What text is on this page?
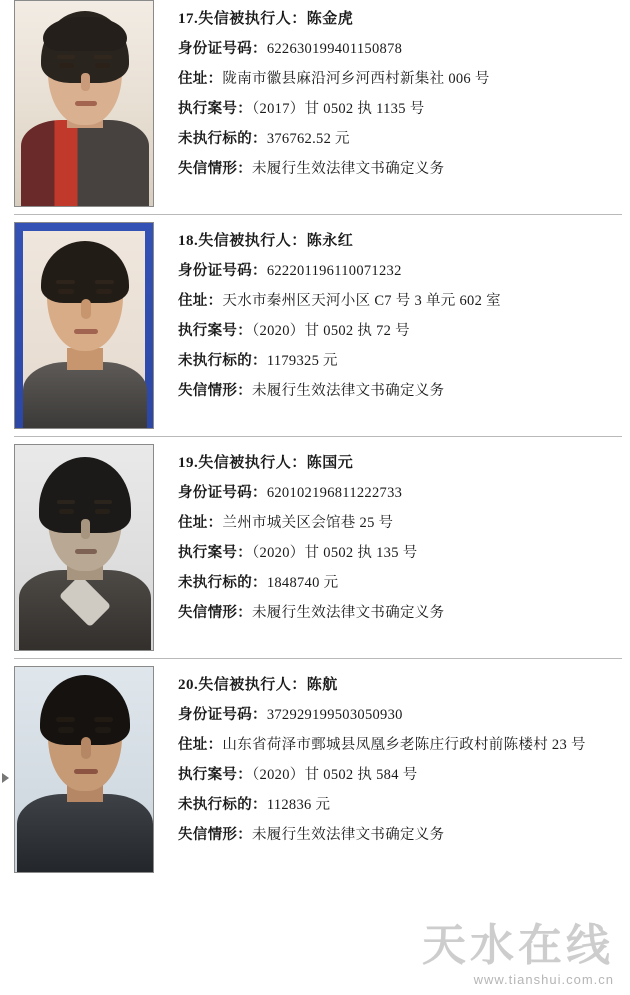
17.失信被执行人：陈金虎
身份证号码：622630199401150878
住址：陇南市徽县麻沿河乡河西村新集社 006 号
执行案号：（2017）甘 0502 执 1135 号
未执行标的：376762.52 元
失信情形：未履行生效法律文书确定义务
18.失信被执行人：陈永红
身份证号码：622201196110071232
住址：天水市秦州区天河小区 C7 号 3 单元 602 室
执行案号：（2020）甘 0502 执 72 号
未执行标的：1179325 元
失信情形：未履行生效法律文书确定义务
19.失信被执行人：陈国元
身份证号码：620102196811222733
住址：兰州市城关区会馆巷 25 号
执行案号：（2020）甘 0502 执 135 号
未执行标的：1848740 元
失信情形：未履行生效法律文书确定义务
20.失信被执行人：陈航
身份证号码：372929199503050930
住址：山东省荷泽市鄄城县凤凰乡老陈庄行政村前陈楼村 23 号
执行案号：（2020）甘 0502 执 584 号
未执行标的：112836 元
失信情形：未履行生效法律文书确定义务
天水在线
www.tianshui.com.cn
